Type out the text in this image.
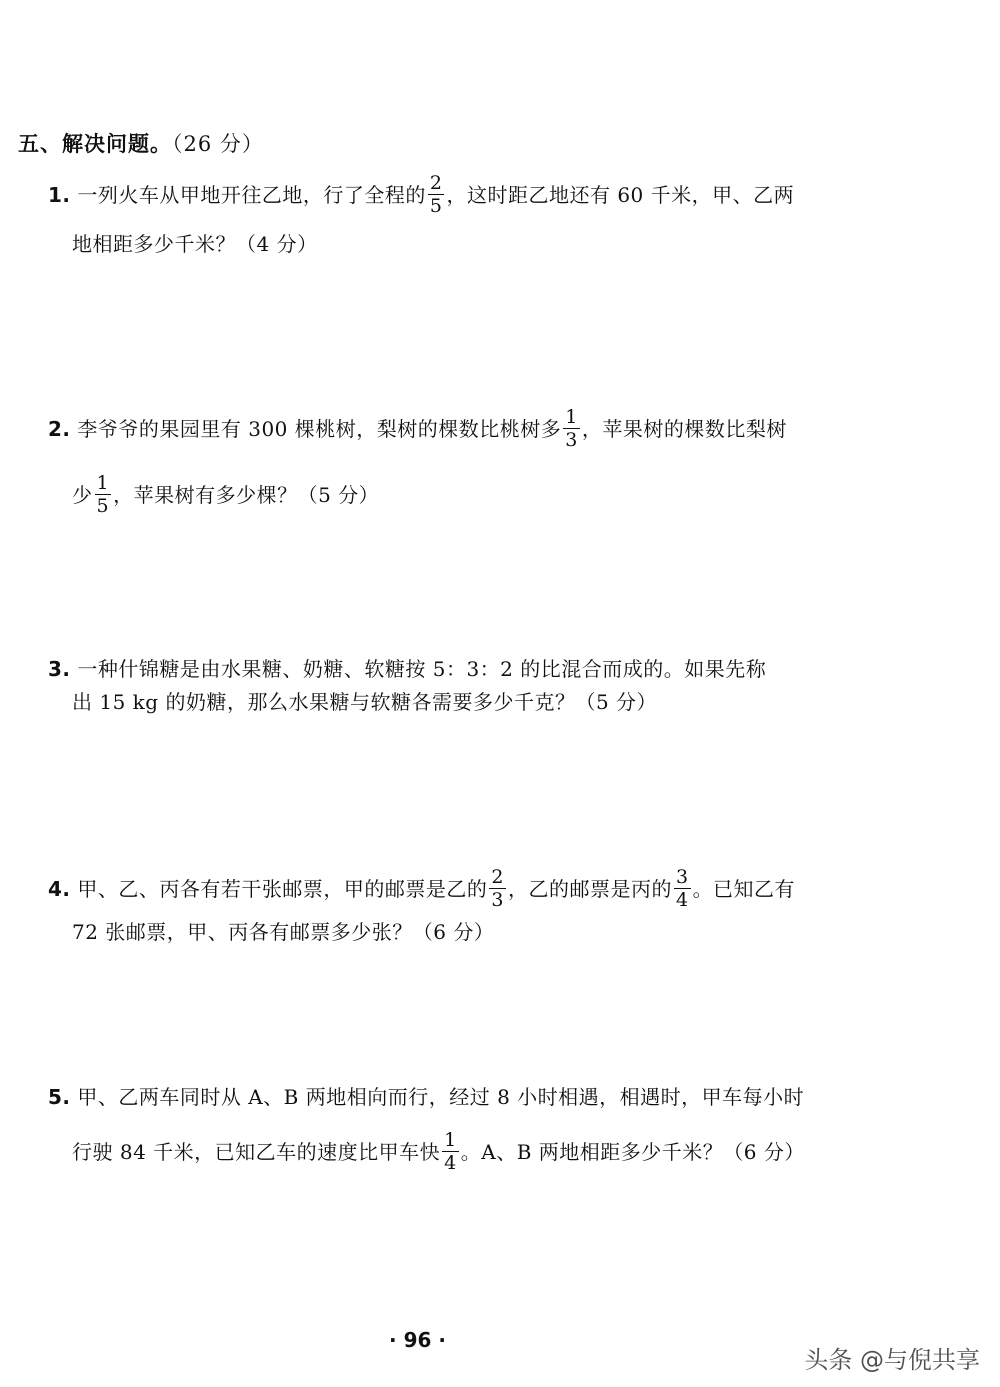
五、解决问题。（26 分）
1. 一列火车从甲地开往乙地，行了全程的 $\frac{2}{5}$ ，这时距乙地还有 60 千米，甲、乙两
地相距多少千米？（4 分）
2. 李爷爷的果园里有 300 棵桃树，梨树的棵数比桃树多 $\frac{1}{3}$ ，苹果树的棵数比梨树
少 $\frac{1}{5}$ ，苹果树有多少棵？（5 分）
3. 一种什锦糖是由水果糖、奶糖、软糖按 5：3：2 的比混合而成的。如果先称
出 15 kg 的奶糖，那么水果糖与软糖各需要多少千克？（5 分）
4. 甲、乙、丙各有若干张邮票，甲的邮票是乙的 $\frac{2}{3}$ ，乙的邮票是丙的 $\frac{3}{4}$ 。已知乙有
72 张邮票，甲、丙各有邮票多少张？（6 分）
5. 甲、乙两车同时从 A、B 两地相向而行，经过 8 小时相遇，相遇时，甲车每小时
行驶 84 千米，已知乙车的速度比甲车快 $\frac{1}{4}$ 。A、B 两地相距多少千米？（6 分）
· 96 ·
头条 @与倪共享
